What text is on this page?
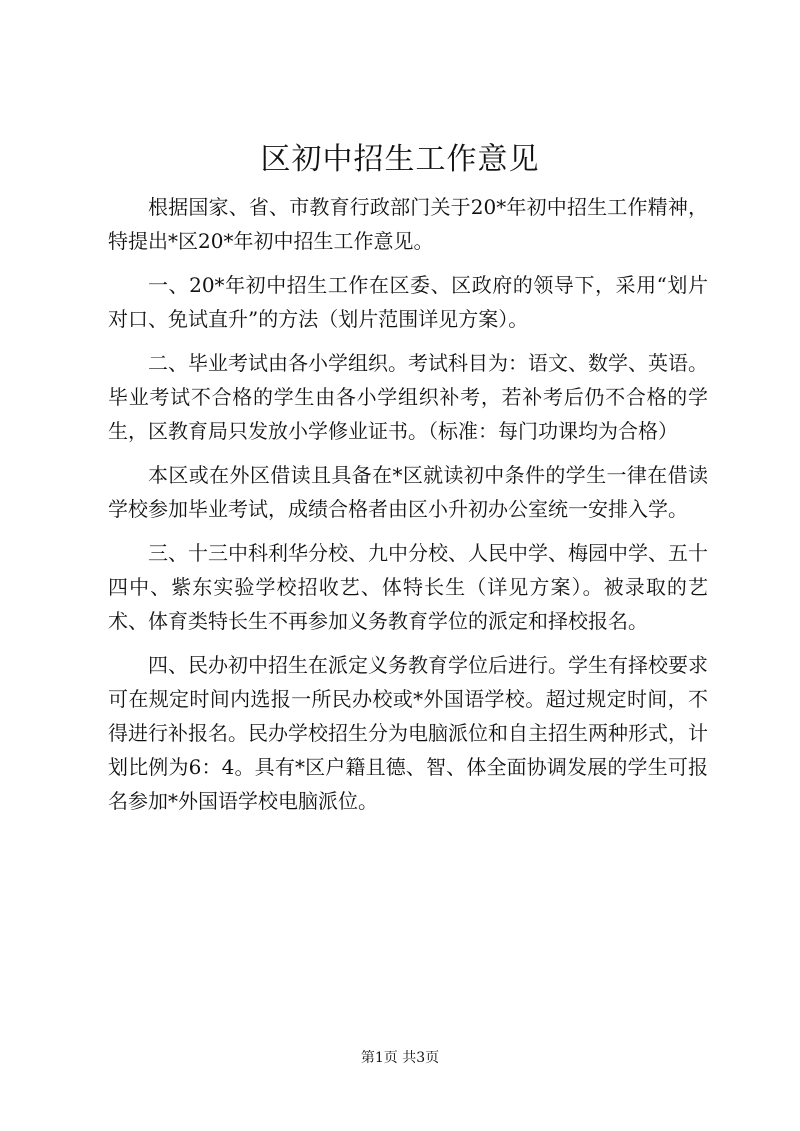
区初中招生工作意见

根据国家、省、市教育行政部门关于20*年初中招生工作精神，特提出*区20*年初中招生工作意见。

一、20*年初中招生工作在区委、区政府的领导下，采用“划片对口、免试直升”的方法（划片范围详见方案）。

二、毕业考试由各小学组织。考试科目为：语文、数学、英语。毕业考试不合格的学生由各小学组织补考，若补考后仍不合格的学生，区教育局只发放小学修业证书。（标准：每门功课均为合格）

本区或在外区借读且具备在*区就读初中条件的学生一律在借读学校参加毕业考试，成绩合格者由区小升初办公室统一安排入学。

三、十三中科利华分校、九中分校、人民中学、梅园中学、五十四中、紫东实验学校招收艺、体特长生（详见方案）。被录取的艺术、体育类特长生不再参加义务教育学位的派定和择校报名。

四、民办初中招生在派定义务教育学位后进行。学生有择校要求可在规定时间内选报一所民办校或*外国语学校。超过规定时间，不得进行补报名。民办学校招生分为电脑派位和自主招生两种形式，计划比例为6：4。具有*区户籍且德、智、体全面协调发展的学生可报名参加*外国语学校电脑派位。

第1页 共3页
